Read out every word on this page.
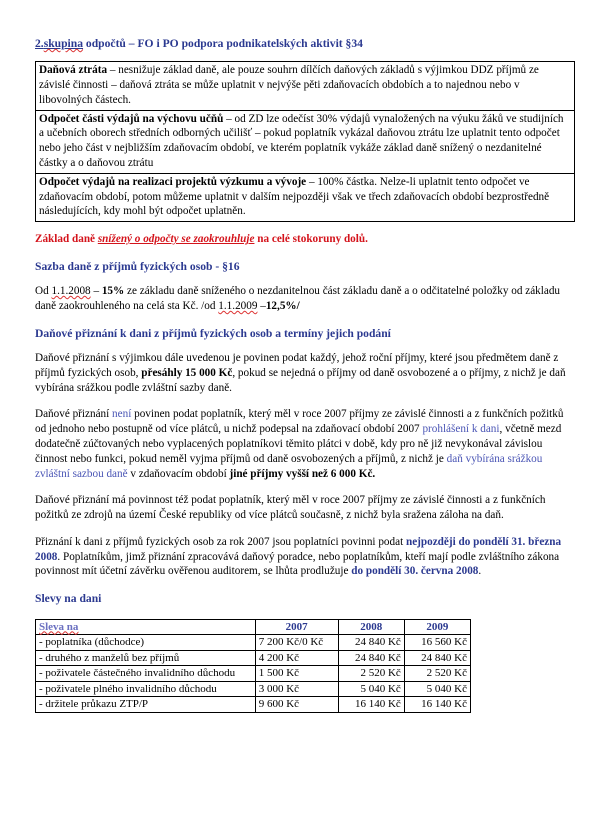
2.skupina odpočtů – FO i PO podpora podnikatelských aktivit §34

Daňová ztráta – nesnižuje základ daně, ale pouze souhrn dílčích daňových základů s výjimkou DDZ příjmů ze závislé činnosti – daňová ztráta se může uplatnit v nejvýše pěti zdaňovacích obdobích a to najednou nebo v libovolných částech.
Odpočet části výdajů na výchovu učňů – od ZD lze odečíst 30% výdajů vynaložených na výuku žáků ve studijních a učebních oborech středních odborných učilišť – pokud poplatník vykázal daňovou ztrátu lze uplatnit tento odpočet nebo jeho část v nejbližším zdaňovacím období, ve kterém poplatník vykáže základ daně snížený o nezdanitelné částky a o daňovou ztrátu
Odpočet výdajů na realizaci projektů výzkumu a vývoje – 100% částka. Nelze-li uplatnit tento odpočet ve zdaňovacím období, potom můžeme uplatnit v dalším nejpozději však ve třech zdaňovacích období bezprostředně následujících, kdy mohl být odpočet uplatněn.

Základ daně snížený o odpočty se zaokrouhluje na celé stokoruny dolů.

Sazba daně z příjmů fyzických osob - §16

Od 1.1.2008 – 15% ze základu daně sníženého o nezdanitelnou část základu daně a o odčitatelné položky od základu daně zaokrouhleného na celá sta Kč. /od 1.1.2009 –12,5%/

Daňové přiznání k dani z příjmů fyzických osob a termíny jejich podání

Daňové přiznání s výjimkou dále uvedenou je povinen podat každý, jehož roční příjmy, které jsou předmětem daně z příjmů fyzických osob, přesáhly 15 000 Kč, pokud se nejedná o příjmy od daně osvobozené a o příjmy, z nichž je daň vybírána srážkou podle zvláštní sazby daně.

Daňové přiznání není povinen podat poplatník, který měl v roce 2007 příjmy ze závislé činnosti a z funkčních požitků od jednoho nebo postupně od více plátců, u nichž podepsal na zdaňovací období 2007 prohlášení k dani, včetně mezd dodatečně zúčtovaných nebo vyplacených poplatníkovi těmito plátci v době, kdy pro ně již nevykonával závislou činnost nebo funkci, pokud neměl vyjma příjmů od daně osvobozených a příjmů, z nichž je daň vybírána srážkou zvláštní sazbou daně v zdaňovacím období jiné příjmy vyšší než 6 000 Kč.

Daňové přiznání má povinnost též podat poplatník, který měl v roce 2007 příjmy ze závislé činnosti a z funkčních požitků ze zdrojů na území České republiky od více plátců současně, z nichž byla sražena záloha na daň.

Přiznání k dani z příjmů fyzických osob za rok 2007 jsou poplatníci povinni podat nejpozději do pondělí 31. března 2008. Poplatníkům, jimž přiznání zpracovává daňový poradce, nebo poplatníkům, kteří mají podle zvláštního zákona povinnost mít účetní závěrku ověřenou auditorem, se lhůta prodlužuje do pondělí 30. června 2008.

Slevy na dani

Sleva na	2007	2008	2009
- poplatníka (důchodce)	7 200 Kč/0 Kč	24 840 Kč	16 560 Kč
- druhého z manželů bez příjmů	4 200 Kč	24 840 Kč	24 840 Kč
- poživatele částečného invalidního důchodu	1 500 Kč	2 520 Kč	2 520 Kč
- poživatele plného invalidního důchodu	3 000 Kč	5 040 Kč	5 040 Kč
- držitele průkazu ZTP/P	9 600 Kč	16 140 Kč	16 140 Kč
